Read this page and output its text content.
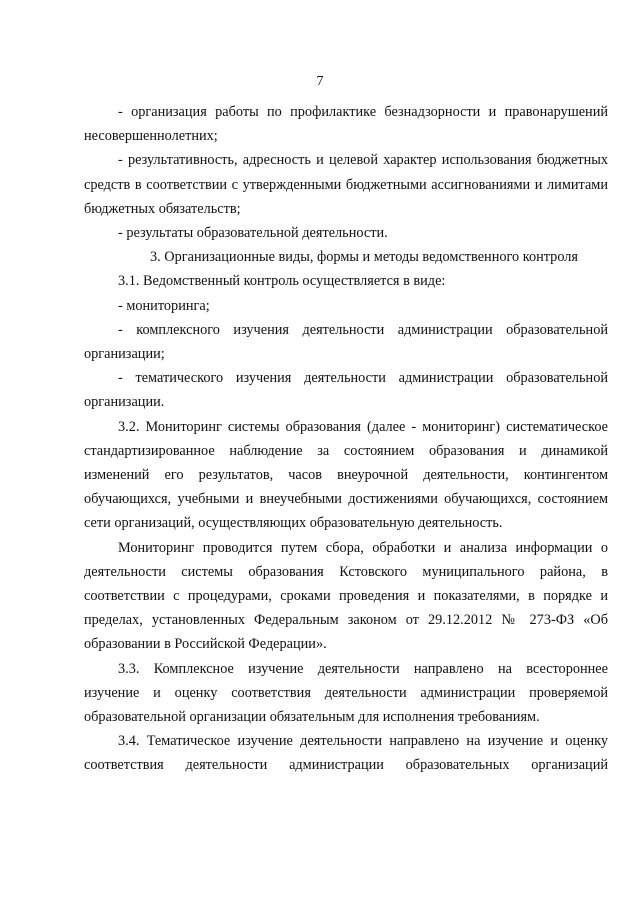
7
- организация работы по профилактике безнадзорности и правонарушений
несовершеннолетних;
- результативность, адресность и целевой характер использования бюджетных
средств в соответствии с утвержденными бюджетными ассигнованиями и лимитами
бюджетных обязательств;
- результаты образовательной деятельности.
3. Организационные виды, формы и методы ведомственного контроля
3.1. Ведомственный контроль осуществляется в виде:
- мониторинга;
- комплексного изучения деятельности администрации образовательной
организации;
- тематического изучения деятельности администрации образовательной
организации.
3.2. Мониторинг системы образования (далее - мониторинг) систематическое
стандартизированное наблюдение за состоянием образования и динамикой
изменений его результатов, часов внеурочной деятельности, контингентом
обучающихся, учебными и внеучебными достижениями обучающихся, состоянием
сети организаций, осуществляющих образовательную деятельность.
Мониторинг проводится путем сбора, обработки и анализа информации о
деятельности системы образования Кстовского муниципального района, в
соответствии с процедурами, сроками проведения и показателями, в порядке и
пределах, установленных Федеральным законом от 29.12.2012 № 273-ФЗ «Об
образовании в Российской Федерации».
3.3. Комплексное изучение деятельности направлено на всестороннее
изучение и оценку соответствия деятельности администрации проверяемой
образовательной организации обязательным для исполнения требованиям.
3.4. Тематическое изучение деятельности направлено на изучение и оценку
соответствия деятельности администрации образовательных организаций
